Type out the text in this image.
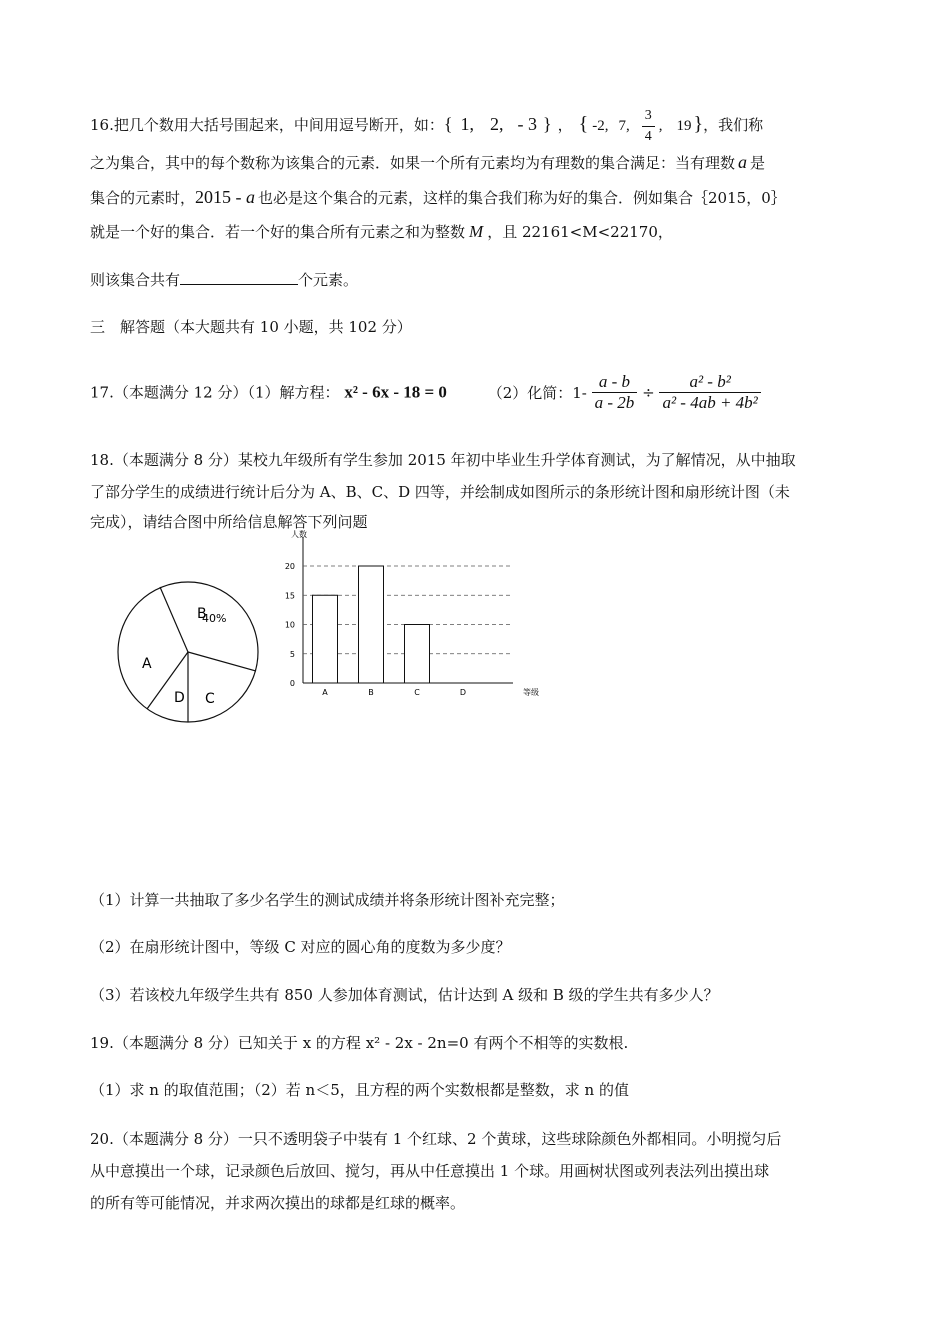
16.把几个数用大括号围起来，中间用逗号断开，如：{ 1, 2, - 3 } ， { -2, 7, $\frac{3}{4}$ , 19 }，我们称
之为集合，其中的每个数称为该集合的元素．如果一个所有元素均为有理数的集合满足：当有理数 a 是
集合的元素时，2015 - a 也必是这个集合的元素，这样的集合我们称为好的集合．例如集合｛2015，0｝
就是一个好的集合．若一个好的集合所有元素之和为整数 M ，且 22161<M<22170，
则该集合共有	个元素。
三　解答题（本大题共有 10 小题，共 102 分）
17.（本题满分 12 分）（1）解方程： x² - 6x - 18 = 0	（2）化简：$1- \frac{a - b}{a - 2b} \div \frac{\text{a² - b²}}{\text{a² - 4ab + 4b²}}$
18.（本题满分 8 分）某校九年级所有学生参加 2015 年初中毕业生升学体育测试，为了解情况，从中抽取
了部分学生的成绩进行统计后分为 A、B、C、D 四等，并绘制成如图所示的条形统计图和扇形统计图（未
完成），请结合图中所给信息解答下列问题
B
40%
A
D C
0
5
10
15
20
A	B	C	D
人数
等级
（1）计算一共抽取了多少名学生的测试成绩并将条形统计图补充完整；
（2）在扇形统计图中，等级 C 对应的圆心角的度数为多少度？
（3）若该校九年级学生共有 850 人参加体育测试，估计达到 A 级和 B 级的学生共有多少人？
19.（本题满分 8 分）已知关于 x 的方程 x² - 2x - 2n=0 有两个不相等的实数根.
（1）求 n 的取值范围；（2）若 n＜5，且方程的两个实数根都是整数，求 n 的值
20.（本题满分 8 分）一只不透明袋子中装有 1 个红球、2 个黄球，这些球除颜色外都相同。小明搅匀后
从中意摸出一个球，记录颜色后放回、搅匀，再从中任意摸出 1 个球。用画树状图或列表法列出摸出球
的所有等可能情况，并求两次摸出的球都是红球的概率。
